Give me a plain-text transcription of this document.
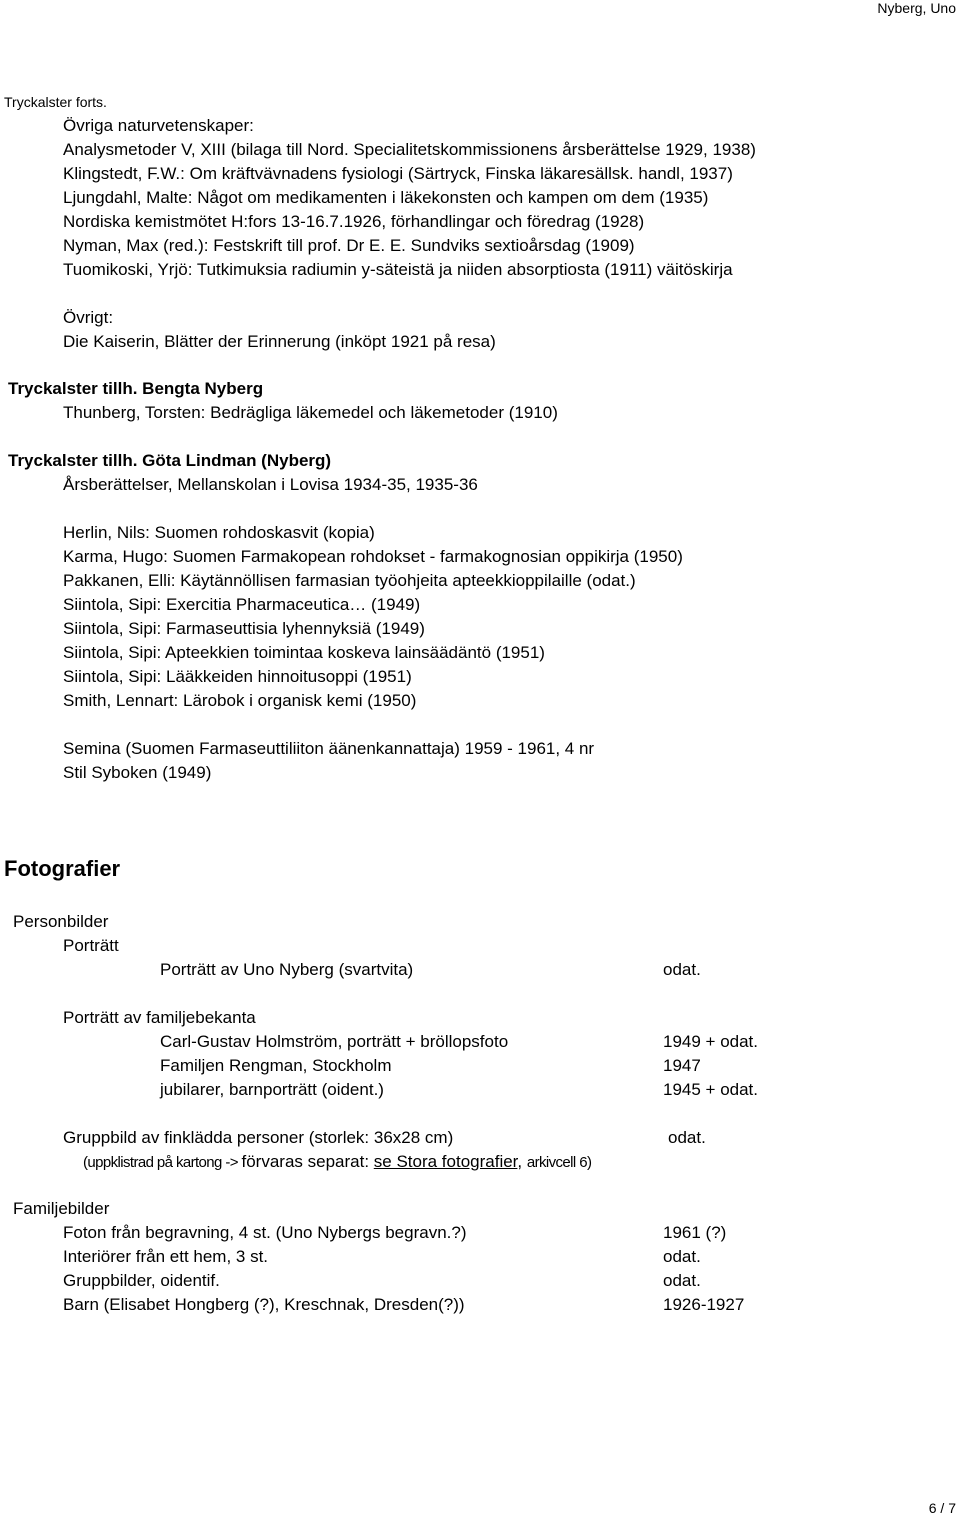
Nyberg, Uno
Tryckalster forts.
Övriga naturvetenskaper:
Analysmetoder V, XIII (bilaga till Nord. Specialitetskommissionens årsberättelse 1929, 1938)
Klingstedt, F.W.: Om kräftvävnadens fysiologi (Särtryck, Finska läkaresällsk. handl, 1937)
Ljungdahl, Malte: Något om medikamenten i läkekonsten och kampen om dem (1935)
Nordiska kemistmötet H:fors 13-16.7.1926, förhandlingar och föredrag (1928)
Nyman, Max (red.): Festskrift till prof. Dr E. E. Sundviks sextioårsdag (1909)
Tuomikoski, Yrjö: Tutkimuksia radiumin y-säteistä ja niiden absorptiosta (1911) väitöskirja
Övrigt:
Die Kaiserin, Blätter der Erinnerung (inköpt 1921 på resa)
Tryckalster tillh. Bengta Nyberg
Thunberg, Torsten: Bedrägliga läkemedel och läkemetoder (1910)
Tryckalster tillh. Göta Lindman (Nyberg)
Årsberättelser, Mellanskolan i Lovisa 1934-35, 1935-36
Herlin, Nils: Suomen rohdoskasvit (kopia)
Karma, Hugo: Suomen Farmakopean rohdokset - farmakognosian oppikirja (1950)
Pakkanen, Elli: Käytännöllisen farmasian työohjeita apteekkioppilaille (odat.)
Siintola, Sipi: Exercitia Pharmaceutica… (1949)
Siintola, Sipi: Farmaseuttisia lyhennyksiä (1949)
Siintola, Sipi: Apteekkien toimintaa koskeva lainsäädäntö (1951)
Siintola, Sipi: Lääkkeiden hinnoitusoppi (1951)
Smith, Lennart: Lärobok i organisk kemi (1950)
Semina (Suomen Farmaseuttiliiton äänenkannattaja) 1959 - 1961, 4 nr
Stil Syboken (1949)
Fotografier
Personbilder
Porträtt
Porträtt av Uno Nyberg (svartvita)	odat.
Porträtt av familjebekanta
Carl-Gustav Holmström, porträtt + bröllopsfoto	1949 + odat.
Familjen Rengman, Stockholm	1947
jubilarer, barnporträtt (oident.)	1945 + odat.
Gruppbild av finklädda personer (storlek: 36x28 cm)	odat.
(uppklistrad på kartong -> förvaras separat: se Stora fotografier, arkivcell 6)
Familjebilder
Foton från begravning, 4 st. (Uno Nybergs begravn.?)	1961 (?)
Interiörer från ett hem, 3 st.	odat.
Gruppbilder, oidentif.	odat.
Barn (Elisabet Hongberg (?), Kreschnak, Dresden(?))	1926-1927
6 / 7
